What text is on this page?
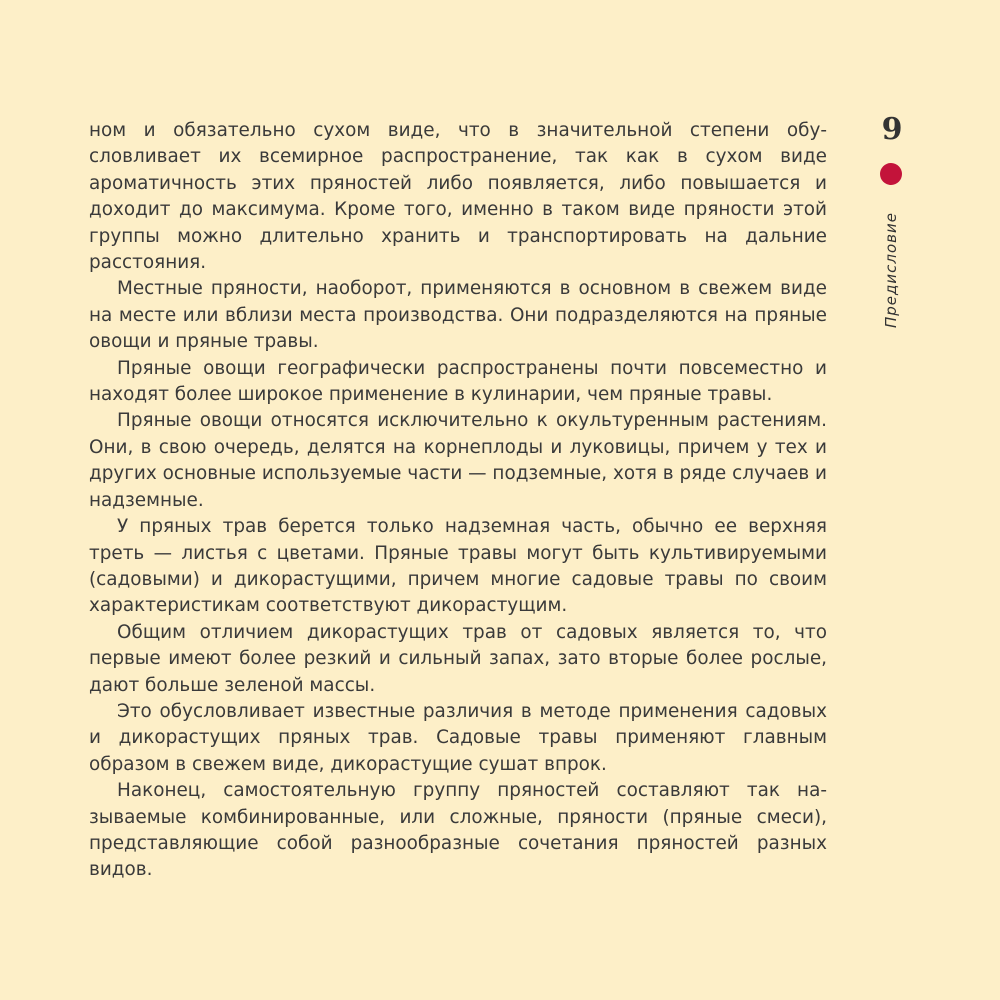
ном и обязательно сухом виде, что в значительной степени обусловливает их всемирное распространение, так как в сухом виде ароматичность этих пряностей либо появляется, либо повышается и доходит до максимума. Кроме того, именно в таком виде пряности этой группы можно длительно хранить и транспортировать на дальние расстояния.

Местные пряности, наоборот, применяются в основном в свежем виде на месте или вблизи места производства. Они подразделяются на пряные овощи и пряные травы.

Пряные овощи географически распространены почти повсеместно и находят более широкое применение в кулинарии, чем пряные травы.

Пряные овощи относятся исключительно к окультуренным растениям. Они, в свою очередь, делятся на корнеплоды и луковицы, причем у тех и других основные используемые части — подземные, хотя в ряде случаев и надземные.

У пряных трав берется только надземная часть, обычно ее верхняя треть — листья с цветами. Пряные травы могут быть культивируемыми (садовыми) и дикорастущими, причем многие садовые травы по своим характеристикам соответствуют дикорастущим.

Общим отличием дикорастущих трав от садовых является то, что первые имеют более резкий и сильный запах, зато вторые более рослые, дают больше зеленой массы.

Это обусловливает известные различия в методе применения садовых и дикорастущих пряных трав. Садовые травы применяют главным образом в свежем виде, дикорастущие сушат впрок.

Наконец, самостоятельную группу пряностей составляют так называемые комбинированные, или сложные, пряности (пряные смеси), представляющие собой разнообразные сочетания пряностей разных видов.

9
Предисловие
